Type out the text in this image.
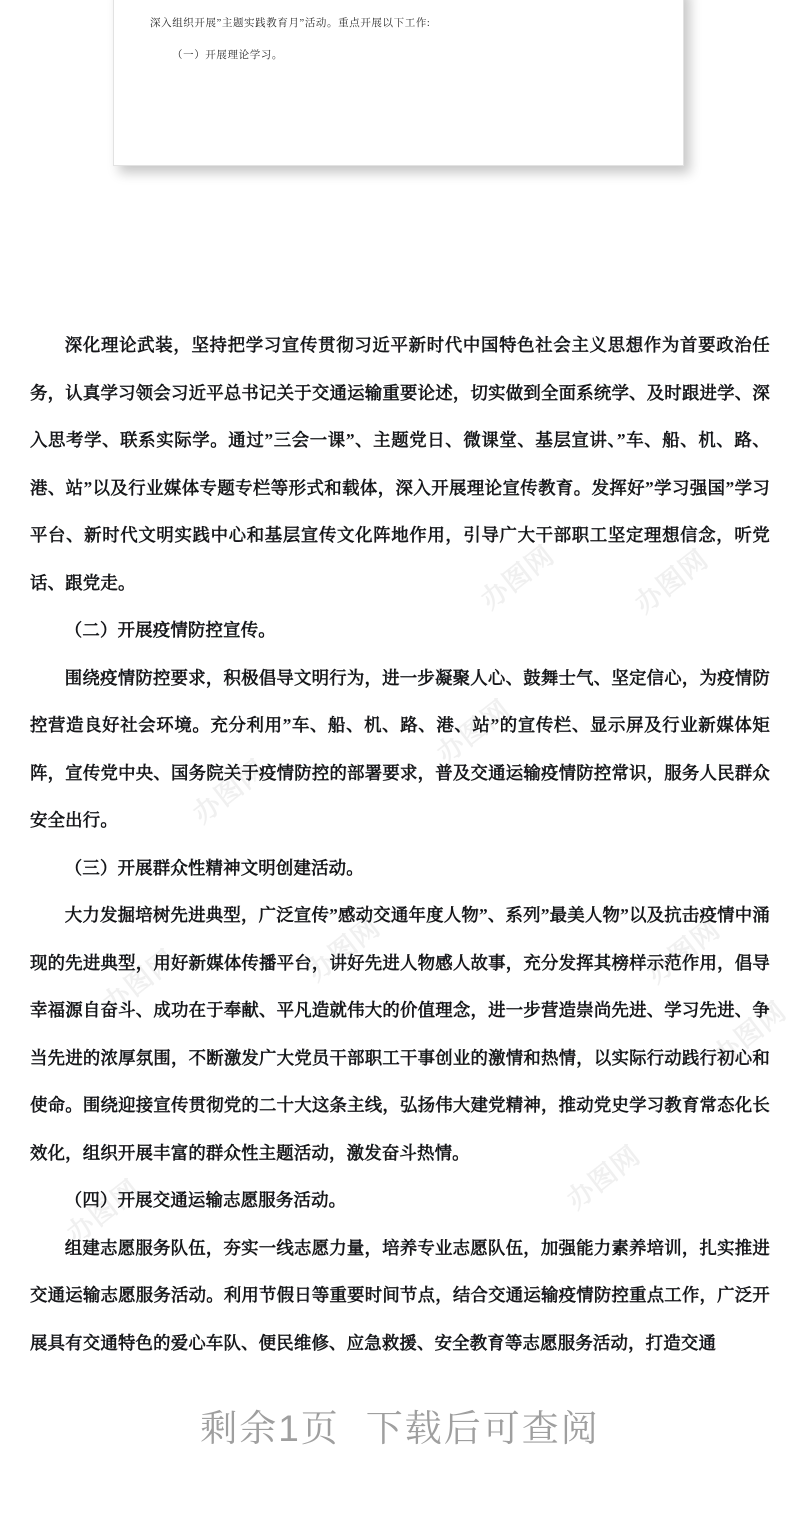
深入组织开展”主题实践教育月”活动。重点开展以下工作:
（一）开展理论学习。
办图网
办图网
办图网	办图网	办图网
办图网
办图网
办图网
办图网
办图网

深化理论武装，坚持把学习宣传贯彻习近平新时代中国特色社会主义思想作为首要政治任务，认真学习领会习近平总书记关于交通运输重要论述，切实做到全面系统学、及时跟进学、深入思考学、联系实际学。通过”三会一课”、主题党日、微课堂、基层宣讲、”车、船、机、路、港、站”以及行业媒体专题专栏等形式和载体，深入开展理论宣传教育。发挥好”学习强国”学习平台、新时代文明实践中心和基层宣传文化阵地作用，引导广大干部职工坚定理想信念，听党话、跟党走。

（二）开展疫情防控宣传。

围绕疫情防控要求，积极倡导文明行为，进一步凝聚人心、鼓舞士气、坚定信心，为疫情防控营造良好社会环境。充分利用”车、船、机、路、港、站”的宣传栏、显示屏及行业新媒体矩阵，宣传党中央、国务院关于疫情防控的部署要求，普及交通运输疫情防控常识，服务人民群众安全出行。

（三）开展群众性精神文明创建活动。

大力发掘培树先进典型，广泛宣传”感动交通年度人物”、系列”最美人物”以及抗击疫情中涌现的先进典型，用好新媒体传播平台，讲好先进人物感人故事，充分发挥其榜样示范作用，倡导幸福源自奋斗、成功在于奉献、平凡造就伟大的价值理念，进一步营造崇尚先进、学习先进、争当先进的浓厚氛围，不断激发广大党员干部职工干事创业的激情和热情，以实际行动践行初心和使命。围绕迎接宣传贯彻党的二十大这条主线，弘扬伟大建党精神，推动党史学习教育常态化长效化，组织开展丰富的群众性主题活动，激发奋斗热情。

（四）开展交通运输志愿服务活动。

组建志愿服务队伍，夯实一线志愿力量，培养专业志愿队伍，加强能力素养培训，扎实推进交通运输志愿服务活动。利用节假日等重要时间节点，结合交通运输疫情防控重点工作，广泛开展具有交通特色的爱心车队、便民维修、应急救援、安全教育等志愿服务活动，打造交通

剩余1页 下载后可查阅
